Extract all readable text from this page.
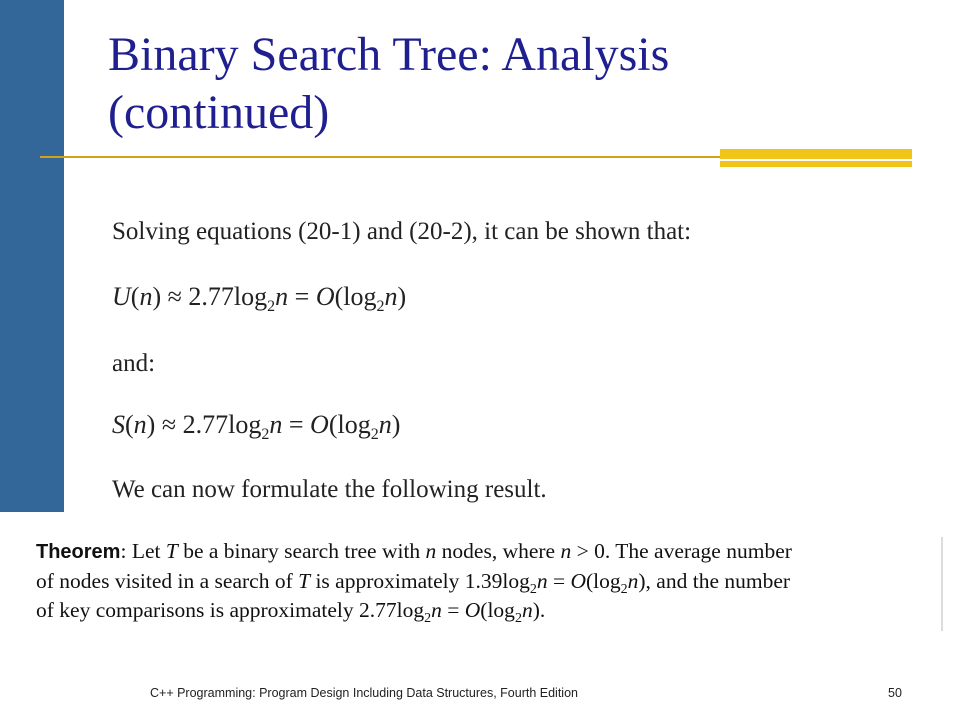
Binary Search Tree: Analysis
(continued)
Solving equations (20-1) and (20-2), it can be shown that:
$U(n) \approx 2.77\log_2n = O(\log_2n)$
and:
$S(n) \approx 2.77\log_2n = O(\log_2n)$
We can now formulate the following result.
Theorem: Let T be a binary search tree with n nodes, where n > 0. The average number
of nodes visited in a search of T is approximately $1.39\log_2n = O(\log_2n)$, and the number
of key comparisons is approximately $2.77\log_2n = O(\log_2n)$.
C++ Programming: Program Design Including Data Structures, Fourth Edition	50
